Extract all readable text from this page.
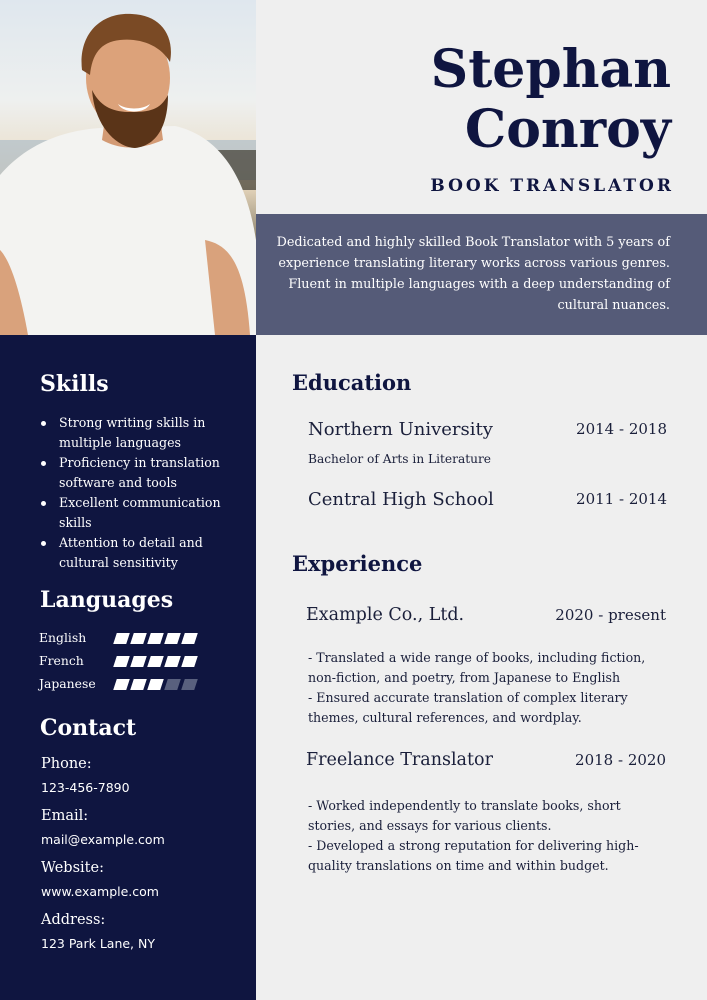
Stephan
Conroy
BOOK TRANSLATOR

Dedicated and highly skilled Book Translator with 5 years of experience translating literary works across various genres. Fluent in multiple languages with a deep understanding of cultural nuances.

Skills
Strong writing skills in multiple languages
Proficiency in translation software and tools
Excellent communication skills
Attention to detail and cultural sensitivity
Languages
English
French
Japanese
Contact
Phone:
123-456-7890
Email:
mail@example.com
Website:
www.example.com
Address:
123 Park Lane, NY
Education
Northern University	2014 - 2018
Bachelor of Arts in Literature
Central High School	2011 - 2014
Experience
Example Co., Ltd.	2020 - present
- Translated a wide range of books, including fiction, non-fiction, and poetry, from Japanese to English
- Ensured accurate translation of complex literary themes, cultural references, and wordplay.
Freelance Translator	2018 - 2020
- Worked independently to translate books, short stories, and essays for various clients.
- Developed a strong reputation for delivering high-quality translations on time and within budget.
